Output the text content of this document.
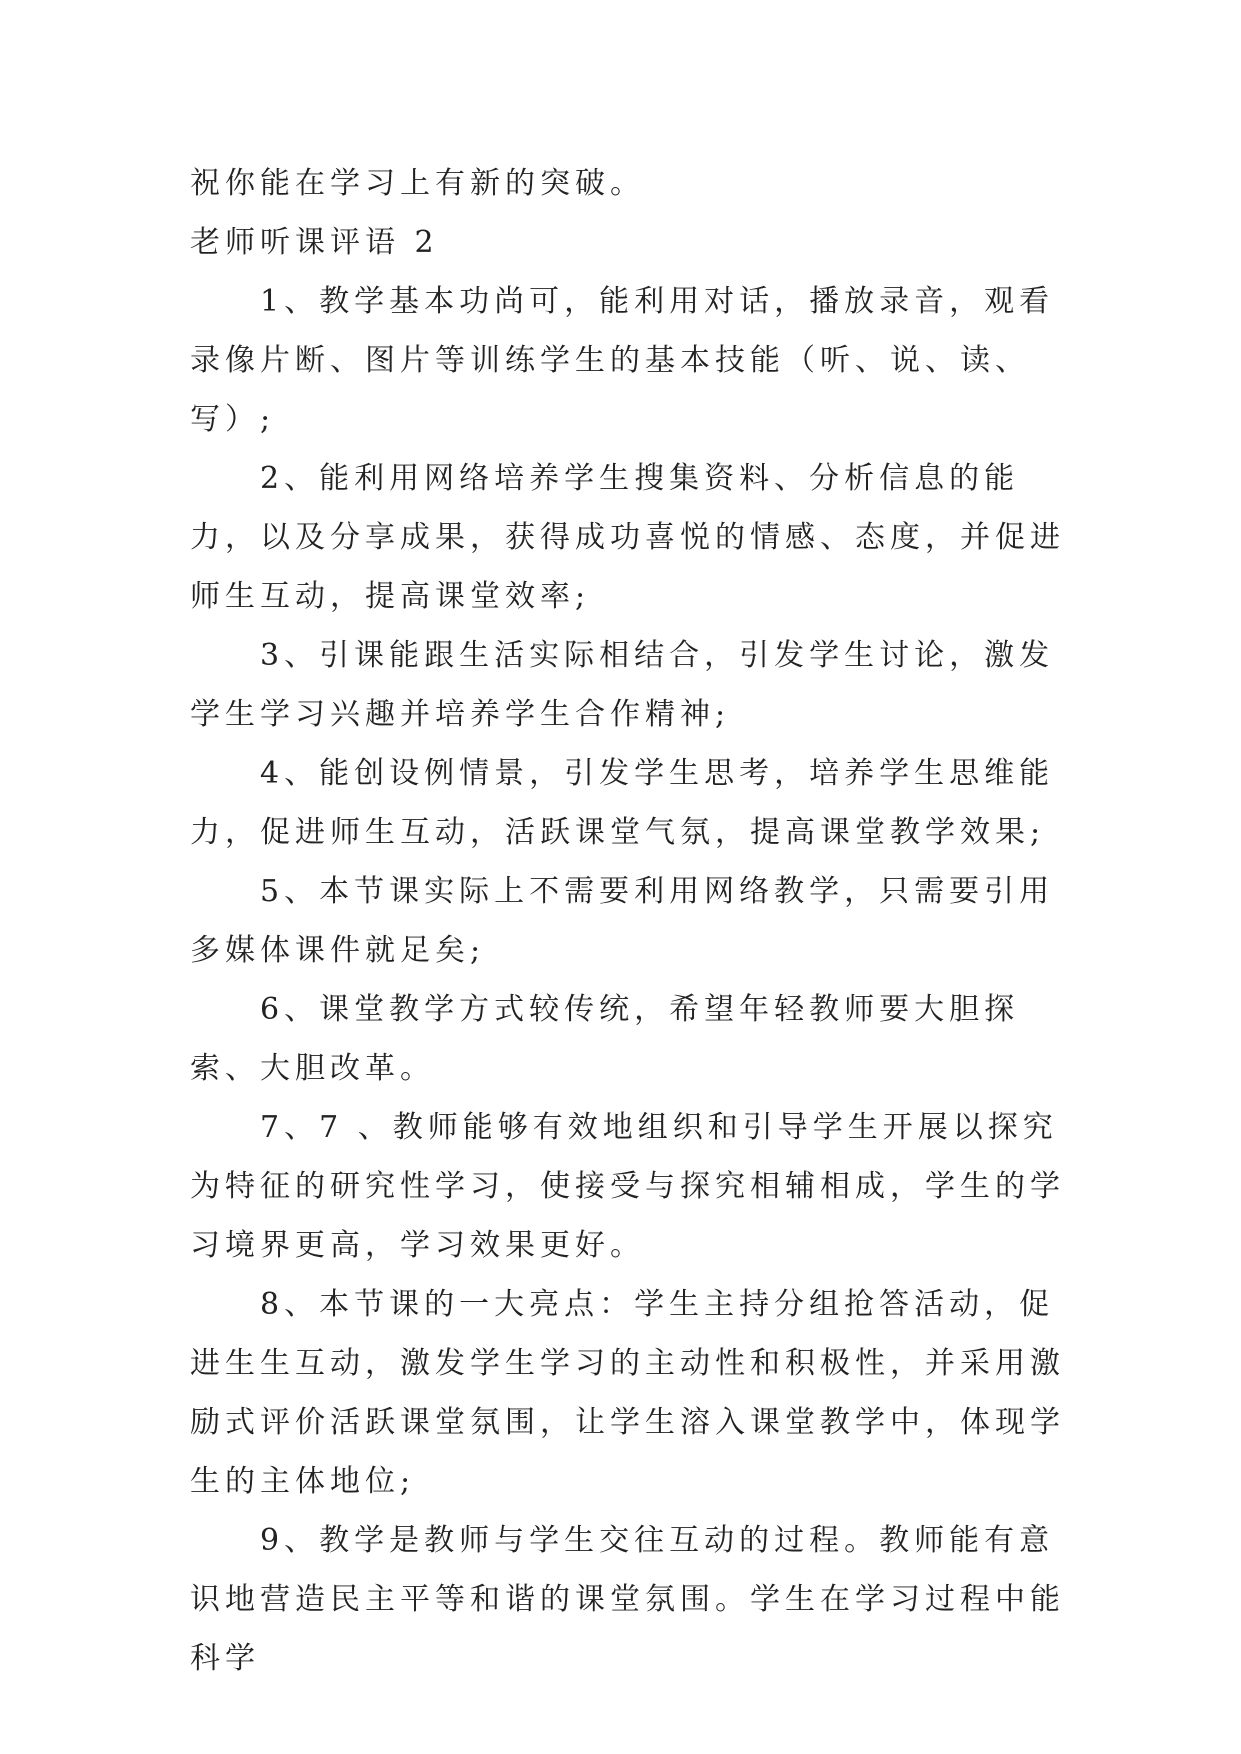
祝你能在学习上有新的突破。

老师听课评语 2

1、教学基本功尚可，能利用对话，播放录音，观看录像片断、图片等训练学生的基本技能（听、说、读、写）;

2、能利用网络培养学生搜集资料、分析信息的能力，以及分享成果，获得成功喜悦的情感、态度，并促进师生互动，提高课堂效率;

3、引课能跟生活实际相结合，引发学生讨论，激发学生学习兴趣并培养学生合作精神;

4、能创设例情景，引发学生思考，培养学生思维能力，促进师生互动，活跃课堂气氛，提高课堂教学效果;

5、本节课实际上不需要利用网络教学，只需要引用多媒体课件就足矣;

6、课堂教学方式较传统，希望年轻教师要大胆探索、大胆改革。

7、7 、教师能够有效地组织和引导学生开展以探究为特征的研究性学习，使接受与探究相辅相成，学生的学习境界更高，学习效果更好。

8、本节课的一大亮点：学生主持分组抢答活动，促进生生互动，激发学生学习的主动性和积极性，并采用激励式评价活跃课堂氛围，让学生溶入课堂教学中，体现学生的主体地位;

9、教学是教师与学生交往互动的过程。教师能有意识地营造民主平等和谐的课堂氛围。学生在学习过程中能科学
